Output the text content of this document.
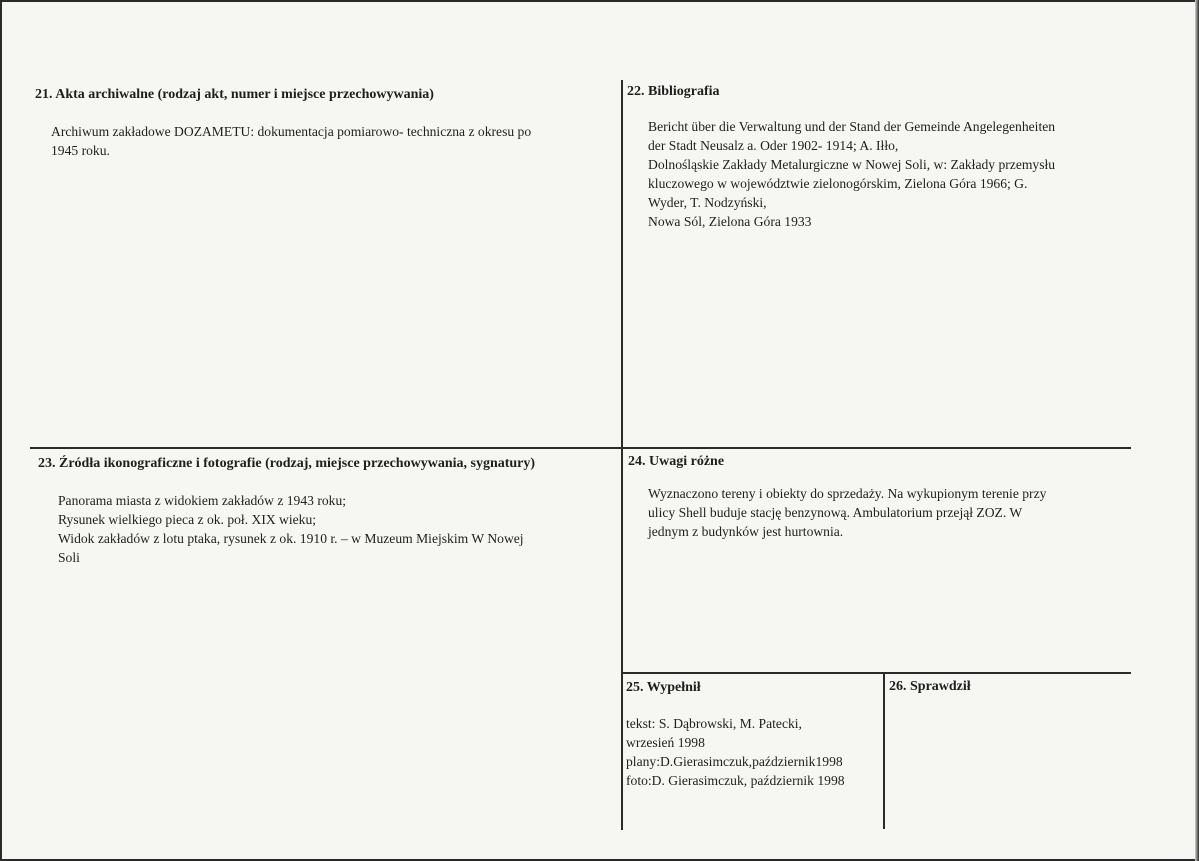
21. Akta archiwalne (rodzaj akt, numer i miejsce przechowywania)
Archiwum zakładowe DOZAMETU: dokumentacja pomiarowo- techniczna z okresu po
1945 roku.
22. Bibliografia
Bericht über die Verwaltung und der Stand der Gemeinde Angelegenheiten
der Stadt Neusalz a. Oder 1902- 1914; A. Iłło,
Dolnośląskie Zakłady Metalurgiczne w Nowej Soli, w: Zakłady przemysłu
kluczowego w województwie zielonogórskim, Zielona Góra 1966; G.
Wyder, T. Nodzyński,
Nowa Sól, Zielona Góra 1933
23. Źródła ikonograficzne i fotografie (rodzaj, miejsce przechowywania, sygnatury)
Panorama miasta z widokiem zakładów z 1943 roku;
Rysunek wielkiego pieca z ok. poł. XIX wieku;
Widok zakładów z lotu ptaka, rysunek z ok. 1910 r. – w Muzeum Miejskim W Nowej
Soli
24. Uwagi różne
Wyznaczono tereny i obiekty do sprzedaży. Na wykupionym terenie przy
ulicy Shell buduje stację benzynową. Ambulatorium przejął ZOZ. W
jednym z budynków jest hurtownia.
25. Wypełnił
tekst: S. Dąbrowski, M. Patecki,
wrzesień 1998
plany:D.Gierasimczuk,październik1998
foto:D. Gierasimczuk, październik 1998
26. Sprawdził
